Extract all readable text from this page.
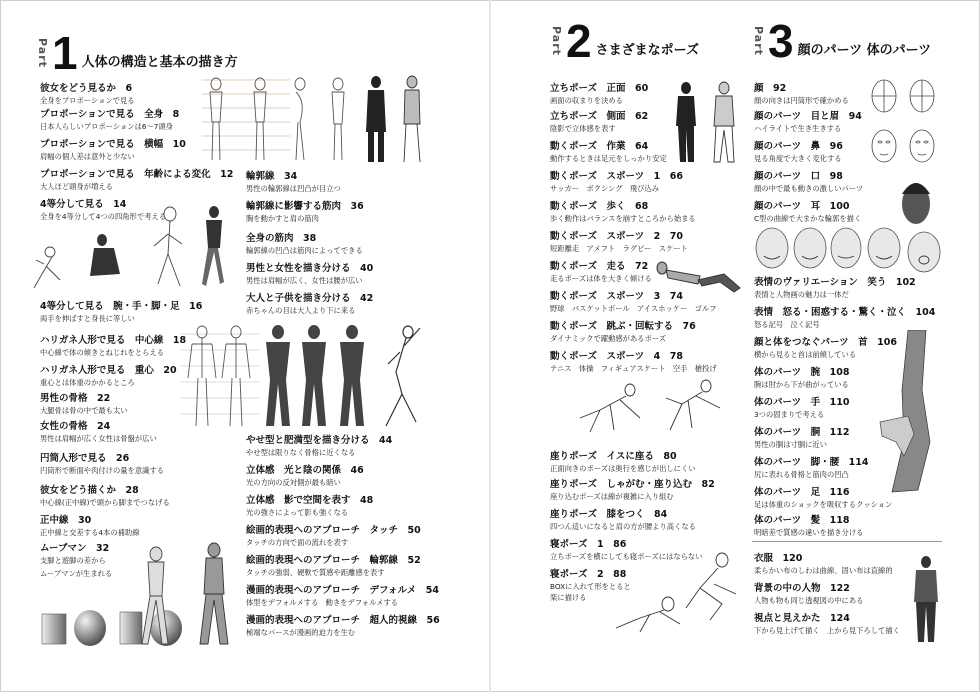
Part 1 人体の構造と基本の描き方
Part 2 さまざまなポーズ	Part 3 顔のパーツ 体のパーツ
彼女をどう見るか　6
全身をプロポーションで見る
プロポーションで見る　全身　8
日本人らしいプロポーションは6〜7頭身
プロポーションで見る　横幅　10
肩幅の個人差は意外と少ない
プロポーションで見る　年齢による変化　12
大人ほど頭身が増える
4等分して見る　14
全身を4等分して4つの四角形で考える
4等分して見る　腕・手・脚・足　16
両手を伸ばすと身長に等しい
ハリガネ人形で見る　中心線　18
中心線で体の傾きとねじれをとらえる
ハリガネ人形で見る　重心　20
重心とは体重のかかるところ
男性の骨格　22
大腿骨は骨の中で最も太い
女性の骨格　24
男性は肩幅が広く女性は骨盤が広い
円筒人形で見る　26
円筒形で断面や肉付けの量を意識する
彼女をどう描くか　28
中心線(正中線)で頭から脚までつなげる
正中線　30
正中線と交差する4本の補助線
ムーブマン　32
支脚と遊脚の差から
ムーブマンが生まれる
輪郭線　34
男性の輪郭線は凹凸が目立つ
輪郭線に影響する筋肉　36
胸を動かすと肩の筋肉
全身の筋肉　38
輪郭線の凹凸は筋肉によってできる
男性と女性を描き分ける　40
男性は肩幅が広く、女性は腰が広い
大人と子供を描き分ける　42
赤ちゃんの目は大人より下に来る
やせ型と肥満型を描き分ける　44
やせ型は限りなく骨格に近くなる
立体感　光と陰の関係　46
光の方向の反対側が最も暗い
立体感　影で空間を表す　48
光の強さによって影も強くなる
絵画的表現へのアプローチ　タッチ　50
タッチの方向で面の流れを表す
絵画的表現へのアプローチ　輪郭線　52
タッチの強弱、硬軟で質感や距離感を表す
漫画的表現へのアプローチ　デフォルメ　54
体型をデフォルメする　動きをデフォルメする
漫画的表現へのアプローチ　超人的視線　56
極端なパースが漫画的迫力を生む
立ちポーズ　正面　60
画面の収まりを決める
立ちポーズ　側面　62
陰影で立体感を表す
動くポーズ　作業　64
動作するときは足元をしっかり安定
動くポーズ　スポーツ　1　66
サッカー　ボクシング　飛び込み
動くポーズ　歩く　68
歩く動作はバランスを崩すところから始まる
動くポーズ　スポーツ　2　70
短距離走　アメフト　ラグビー　スケート
動くポーズ　走る　72
走るポーズは体を大きく傾ける
動くポーズ　スポーツ　3　74
野球　バスケットボール　アイスホッケー　ゴルフ
動くポーズ　跳ぶ・回転する　76
ダイナミックで躍動感があるポーズ
動くポーズ　スポーツ　4　78
テニス　体操　フィギュアスケート　空手　槍投げ
座りポーズ　イスに座る　80
正面向きのポーズは奥行を感じが出しにくい
座りポーズ　しゃがむ・座り込む　82
座り込むポーズは線が複雑に入り組む
座りポーズ　膝をつく　84
四つん這いになると肩の方が腰より高くなる
寝ポーズ　1　86
立ちポーズを横にしても寝ポーズにはならない
寝ポーズ　2　88
BOXに入れて形をとると
楽に描ける
顔　92
顔の向きは円筒形で確かめる
顔のパーツ　目と眉　94
ハイライトで生き生きする
顔のパーツ　鼻　96
見る角度で大きく変化する
顔のパーツ　口　98
顔の中で最も動きの激しいパーツ
顔のパーツ　耳　100
C型の曲線で大まかな輪郭を描く
表情のヴァリエーション　笑う　102
表情と人物画の魅力は一体だ
表情　怒る・困惑する・驚く・泣く　104
怒る記号　泣く記号
顔と体をつなぐパーツ　首　106
横から見ると首は前傾している
体のパーツ　腕　108
腕は肘から下が曲がっている
体のパーツ　手　110
3つの固まりで考える
体のパーツ　胴　112
男性の胴は寸胴に近い
体のパーツ　脚・腰　114
尻に表れる骨格と筋肉の凹凸
体のパーツ　足　116
足は体重のショックを吸収するクッション
体のパーツ　髪　118
明暗差で質感の違いを描き分ける
衣服　120
柔らかい布のしわは曲線、固い布は直線的
背景の中の人物　122
人物も物も同じ透視図の中にある
視点と見えかた　124
下から見上げて描く　上から見下ろして描く
